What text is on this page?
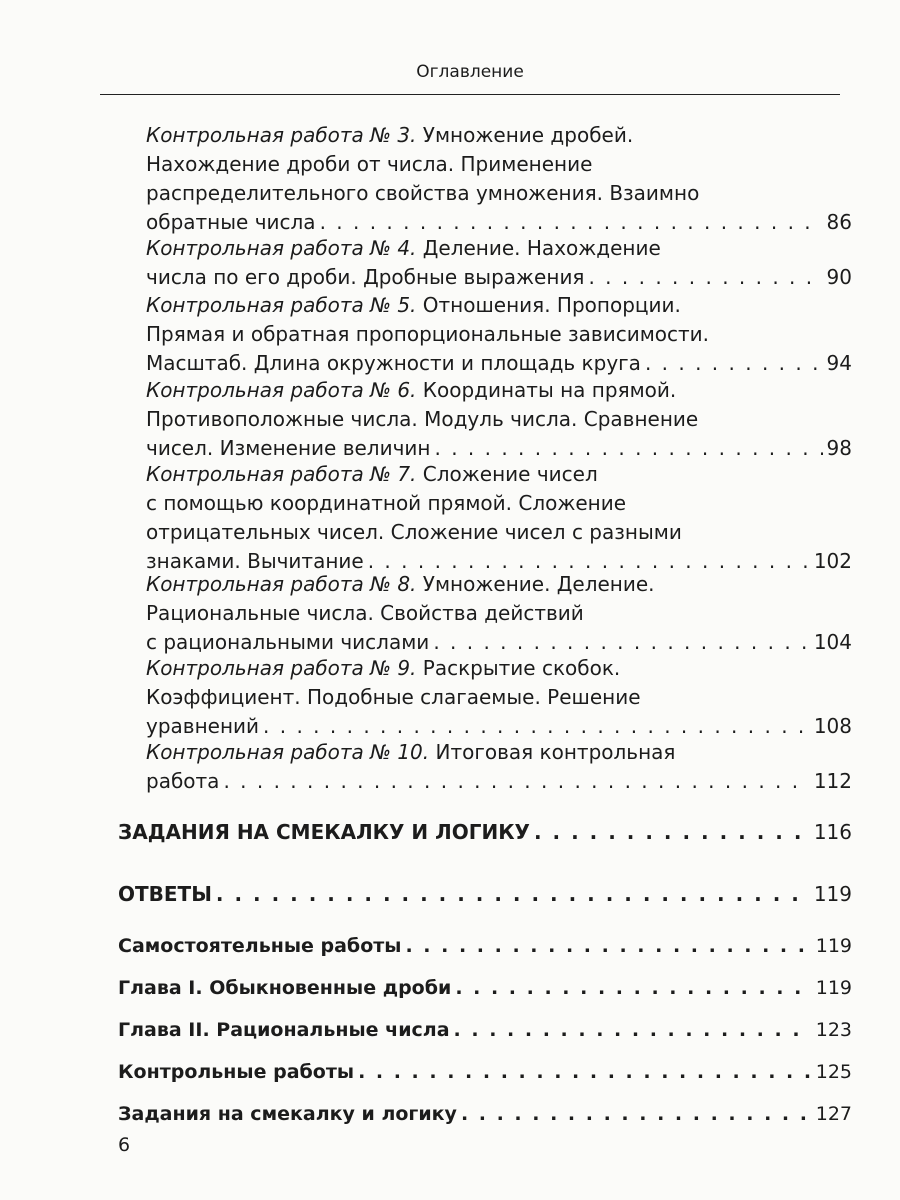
Оглавление
Контрольная работа № 3. Умножение дробей.
Нахождение дроби от числа. Применение
распределительного свойства умножения. Взаимно
обратные числа . . .	86
Контрольная работа № 4. Деление. Нахождение
числа по его дроби. Дробные выражения . . .	90
Контрольная работа № 5. Отношения. Пропорции.
Прямая и обратная пропорциональные зависимости.
Масштаб. Длина окружности и площадь круга . . .	94
Контрольная работа № 6. Координаты на прямой.
Противоположные числа. Модуль числа. Сравнение
чисел. Изменение величин . . .	98
Контрольная работа № 7. Сложение чисел
с помощью координатной прямой. Сложение
отрицательных чисел. Сложение чисел с разными
знаками. Вычитание . . .	102
Контрольная работа № 8. Умножение. Деление.
Рациональные числа. Свойства действий
с рациональными числами . . .	104
Контрольная работа № 9. Раскрытие скобок.
Коэффициент. Подобные слагаемые. Решение
уравнений . . .	108
Контрольная работа № 10. Итоговая контрольная
работа . . .	112
ЗАДАНИЯ НА СМЕКАЛКУ И ЛОГИКУ . . .	116
ОТВЕТЫ . . .	119
Самостоятельные работы . . .	119
Глава I. Обыкновенные дроби . . .	119
Глава II. Рациональные числа . . .	123
Контрольные работы . . .	125
Задания на смекалку и логику . . .	127
6
